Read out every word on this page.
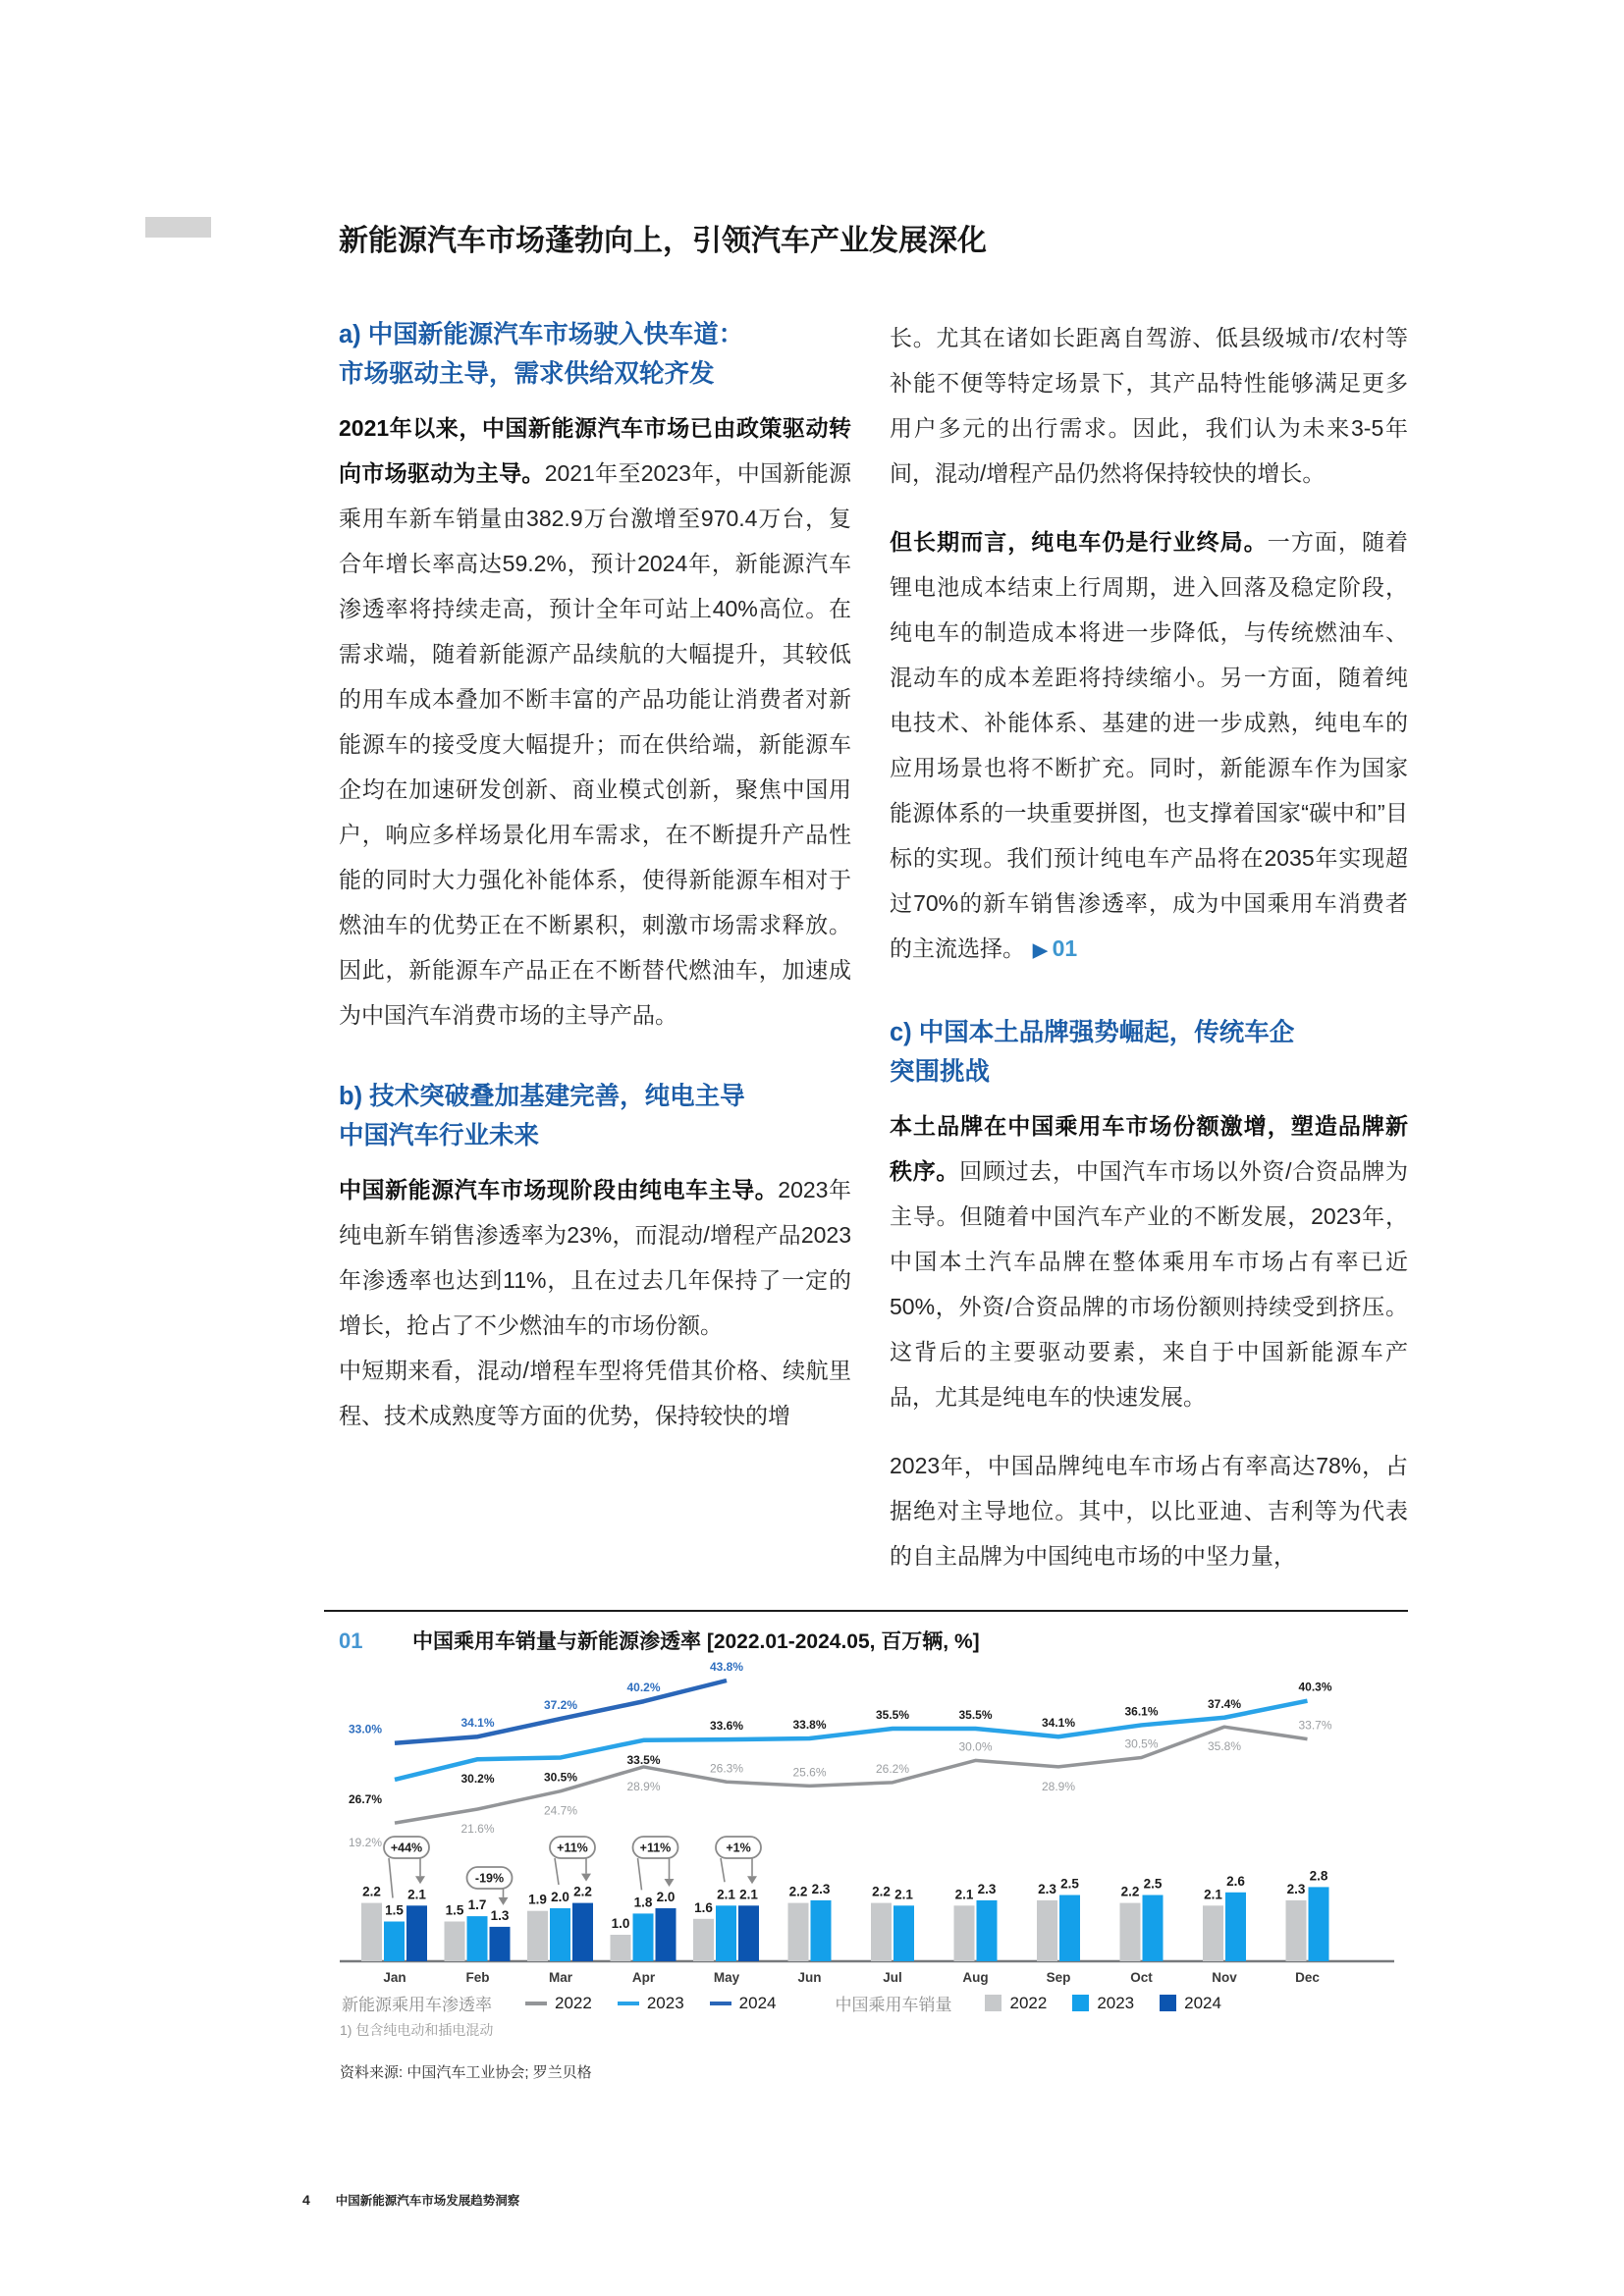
新能源汽车市场蓬勃向上，引领汽车产业发展深化
a) 中国新能源汽车市场驶入快车道：
市场驱动主导，需求供给双轮齐发

2021年以来，中国新能源汽车市场已由政策驱动转向市场驱动为主导。2021年至2023年，中国新能源乘用车新车销量由382.9万台激增至970.4万台，复合年增长率高达59.2%，预计2024年，新能源汽车渗透率将持续走高，预计全年可站上40%高位。在需求端，随着新能源产品续航的大幅提升，其较低的用车成本叠加不断丰富的产品功能让消费者对新能源车的接受度大幅提升；而在供给端，新能源车企均在加速研发创新、商业模式创新，聚焦中国用户，响应多样场景化用车需求，在不断提升产品性能的同时大力强化补能体系，使得新能源车相对于燃油车的优势正在不断累积，刺激市场需求释放。因此，新能源车产品正在不断替代燃油车，加速成为中国汽车消费市场的主导产品。

b) 技术突破叠加基建完善，纯电主导
中国汽车行业未来

中国新能源汽车市场现阶段由纯电车主导。2023年纯电新车销售渗透率为23%，而混动/增程产品2023年渗透率也达到11%，且在过去几年保持了一定的增长，抢占了不少燃油车的市场份额。
中短期来看，混动/增程车型将凭借其价格、续航里程、技术成熟度等方面的优势，保持较快的增

长。尤其在诸如长距离自驾游、低县级城市/农村等补能不便等特定场景下，其产品特性能够满足更多用户多元的出行需求。因此，我们认为未来3-5年间，混动/增程产品仍然将保持较快的增长。

但长期而言，纯电车仍是行业终局。一方面，随着锂电池成本结束上行周期，进入回落及稳定阶段，纯电车的制造成本将进一步降低，与传统燃油车、混动车的成本差距将持续缩小。另一方面，随着纯电技术、补能体系、基建的进一步成熟，纯电车的应用场景也将不断扩充。同时，新能源车作为国家能源体系的一块重要拼图，也支撑着国家“碳中和”目标的实现。我们预计纯电车产品将在2035年实现超过70%的新车销售渗透率，成为中国乘用车消费者的主流选择。 ▶ 01

c) 中国本土品牌强势崛起，传统车企
突围挑战

本土品牌在中国乘用车市场份额激增，塑造品牌新秩序。回顾过去，中国汽车市场以外资/合资品牌为主导。但随着中国汽车产业的不断发展，2023年，中国本土汽车品牌在整体乘用车市场占有率已近50%，外资/合资品牌的市场份额则持续受到挤压。 这背后的主要驱动要素，来自于中国新能源车产品，尤其是纯电车的快速发展。

2023年，中国品牌纯电车市场占有率高达78%，占据绝对主导地位。其中，以比亚迪、吉利等为代表的自主品牌为中国纯电市场的中坚力量，

01	中国乘用车销量与新能源渗透率 [2022.01-2024.05, 百万辆, %]
Jan	Feb	Mar	Apr	May	Jun	Jul	Aug	Sep	Oct	Nov	Dec
2.2
1.5
2.1
1.5 1.7
1.3
1.9 2.0 2.2
1.0
1.8 2.0
1.6
2.1 2.1 2.2 2.3	2.2 2.1	2.1 2.3	2.3 2.5
2.2
2.5
2.1
2.6
2.3
2.8
+44%
-19%
+11%	+11%	+1%
19.2%
21.6%
24.7%
28.9%
26.3%	25.6%	26.2%
30.0%
28.9%
30.5%	35.8%
33.7%
26.7%
30.2%	30.5%
33.5%
33.6%	33.8%
35.5%	35.5%
34.1%
36.1%
37.4%
40.3%
33.0%	34.1%
37.2%
40.2%
43.8%
新能源乘用车渗透率	2022	2023	2024	中国乘用车销量	2022	2023	2024
1) 包含纯电动和插电混动
资料来源: 中国汽车工业协会; 罗兰贝格
4 中国新能源汽车市场发展趋势洞察
